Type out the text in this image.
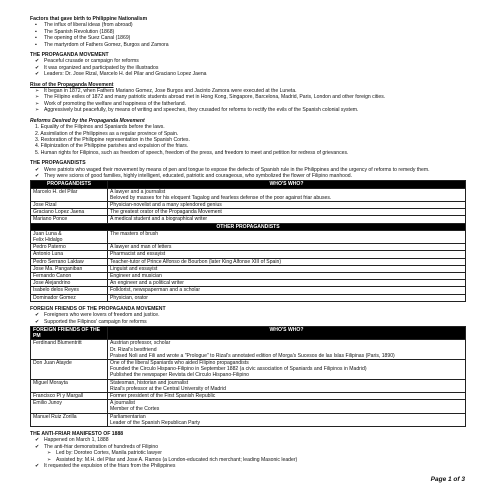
Factors that gave birth to Philippine Nationalism

▪	The influx of liberal ideas (from abroad)
▪	The Spanish Revolution (1868)
▪	The opening of the Suez Canal (1869)
▪	The martyrdom of Fathers Gomez, Burgos and Zamora

THE PROPAGANDA MOVEMENT

✔ Peaceful crusade or campaign for reforms
✔ It was organized and participated by the illustrados
✔ Leaders: Dr. Jose Rizal, Marcelo H. del Pilar and Graciano Lopez Jaena

Rise of the Propaganda Movement

➢ It began in 1872, when Fathers Mariano Gomez, Jose Burgos and Jacinto Zamora were executed at the Luneta.
➢ The Filipino exiles of 1872 and many patriotic students abroad met in Hong Kong, Singapore, Barcelona, Madrid, Paris, London and other foreign cities.
➢ Work of promoting the welfare and happiness of the fatherland.
➢ Aggressively but peacefully, by means of writing and speeches, they crusaded for reforms to rectify the evils of the Spanish colonial system.

Reforms Desired by the Propaganda Movement

1. Equality of the Filipinos and Spaniards before the laws.
2. Assimilation of the Philippines as a regular province of Spain.
3. Restoration of the Philippine representation in the Spanish Cortes.
4. Filipinization of the Philippine parishes and expulsion of the friars.
5. Human rights for Filipinos, such as freedom of speech, freedom of the press, and freedom to meet and petition for redress of grievances.

THE PROPAGANDISTS

✔ Were patriots who waged their movement by means of pen and tongue to expose the defects of Spanish rule in the Philippines and the urgency of reforms to remedy them.
✔ They were scions of good families, highly intelligent, educated, patriotic and courageous, who symbolized the flower of Filipino manhood.
PROPAGANDISTS	WHO'S WHO?
Marcelo H. del Pilar	A lawyer and a journalist
Beloved by masses for his eloquent Tagalog and fearless defense of the poor against friar abuses.
Jose Rizal	Physician-novelist and a many splendored genius
Graciano Lopez Jaena	The greatest orator of the Propaganda Movement
Mariano Ponce	A medical student and a biographical writer
OTHER PROPAGANDISTS	
Juan Luna &
Felix Hidalgo	The masters of brush
Pedro Paterno	A lawyer and man of letters
Antonio Luna	Pharmacist and essayist
Pedro Serrano Laktaw	Teacher-tutor of Prince Alfonso de Bourbon (later King Alfonse XIII of Spain)
Jose Ma. Panganiban	Linguist and essayist
Fernando Canon	Engineer and musician
Jose Alejandrino	An engineer and a political writer
Isabelo delos Reyes	Folklorist, newspaperman and a scholar
Dominador Gomez	Physician, orator

FOREIGN FRIENDS OF THE PROPAGANDA MOVEMENT

✔ Foreigners who were lovers of freedom and justice.
✔ Supported the Filipinos' campaign for reforms
FOREIGN FRIENDS OF THE PM	WHO'S WHO?
Ferdinand Blumentritt	Austrian professor, scholar
Dr. Rizal's bestfriend
Praised Noli and Fili and wrote a "Prologue" to Rizal's annotated edition of Morga's Sucesos de las Islas Filipinas (Paris, 1890)
Don Juan Atayde	One of the liberal Spaniards who aided Filipino propagandists
Founded the Circulo Hispano-Filipino in September 1882 (a civic association of Spaniards and Filipinos in Madrid)
Published the newspaper Revista del Circulo Hispano-Filipino
Miguel Morayta	Statesman, historian and journalist
Rizal's professor at the Central University of Madrid
Francisco Pi y Margall	Former president of the First Spanish Republic
Emilio Junoy	A journalist
Member of the Cortes
Manuel Ruiz Zorilla	Parliamentarian
Leader of the Spanish Republican Party

THE ANTI-FRIAR MANIFESTO OF 1888

✔ Happened on March 1, 1888
✔ The anti-friar demonstration of hundreds of Filipino
➢ Led by: Doroteo Cortes, Manila patriotic lawyer
➢ Assisted by: M.H. del Pilar and Jose A. Ramos (a London-educated rich merchant; leading Masonic leader)
✔ It requested the expulsion of the friars from the Philippines
Page 1 of 3
